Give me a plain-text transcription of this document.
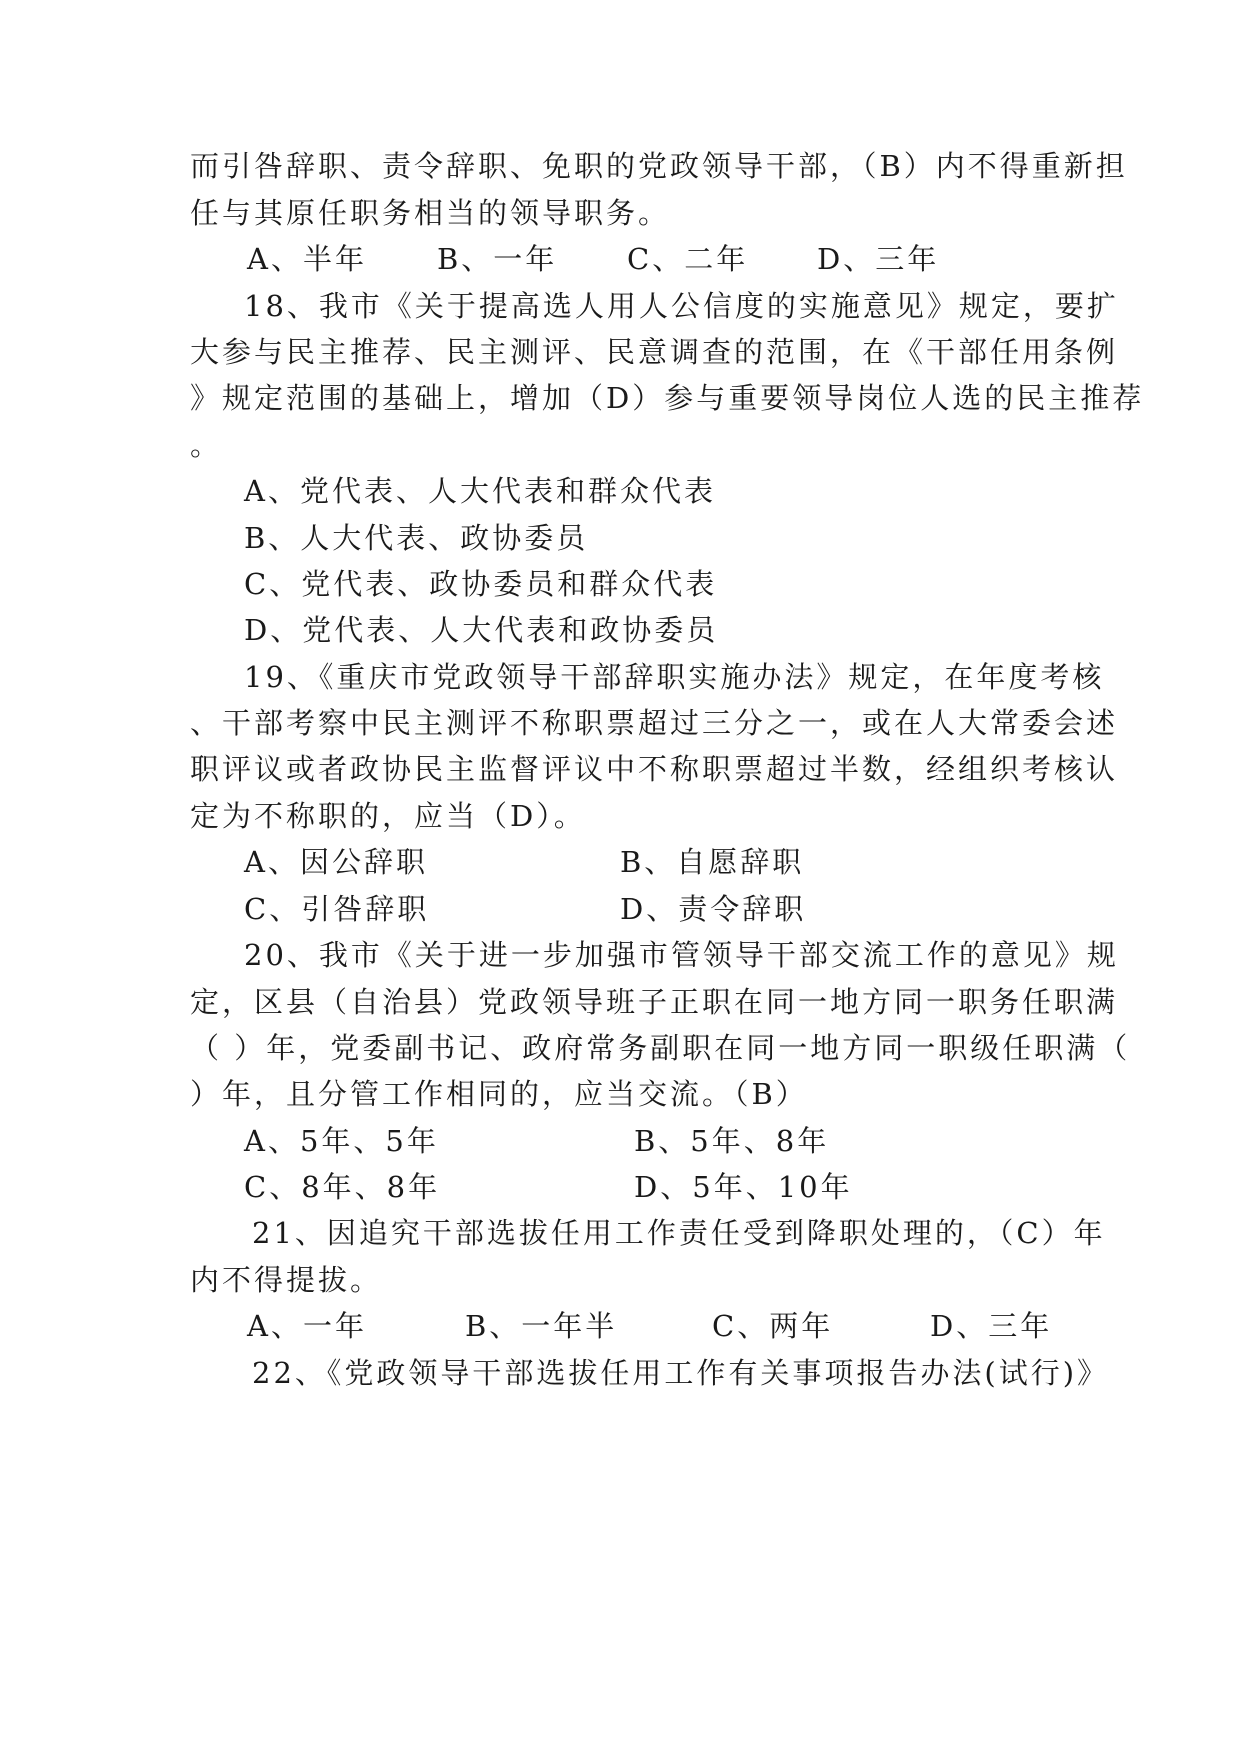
而引咎辞职、责令辞职、免职的党政领导干部，（B）内不得重新担
任与其原任职务相当的领导职务。
A、半年 B、一年 C、二年 D、三年
18、我市《关于提高选人用人公信度的实施意见》规定，要扩
大参与民主推荐、民主测评、民意调查的范围，在《干部任用条例
》规定范围的基础上，增加（D）参与重要领导岗位人选的民主推荐
。
A、党代表、人大代表和群众代表
B、人大代表、政协委员
C、党代表、政协委员和群众代表
D、党代表、人大代表和政协委员
19、《重庆市党政领导干部辞职实施办法》规定，在年度考核
、干部考察中民主测评不称职票超过三分之一，或在人大常委会述
职评议或者政协民主监督评议中不称职票超过半数，经组织考核认
定为不称职的，应当（D）。
A、因公辞职	B、自愿辞职
C、引咎辞职	D、责令辞职
20、我市《关于进一步加强市管领导干部交流工作的意见》规
定，区县（自治县）党政领导班子正职在同一地方同一职务任职满
（ ）年，党委副书记、政府常务副职在同一地方同一职级任职满（
）年，且分管工作相同的，应当交流。（B）
A、5年、5年	B、5年、8年
C、8年、8年	D、5年、10年
21、因追究干部选拔任用工作责任受到降职处理的，（C）年
内不得提拔。
A、一年	B、一年半	C、两年	D、三年
22、《党政领导干部选拔任用工作有关事项报告办法(试行)》
